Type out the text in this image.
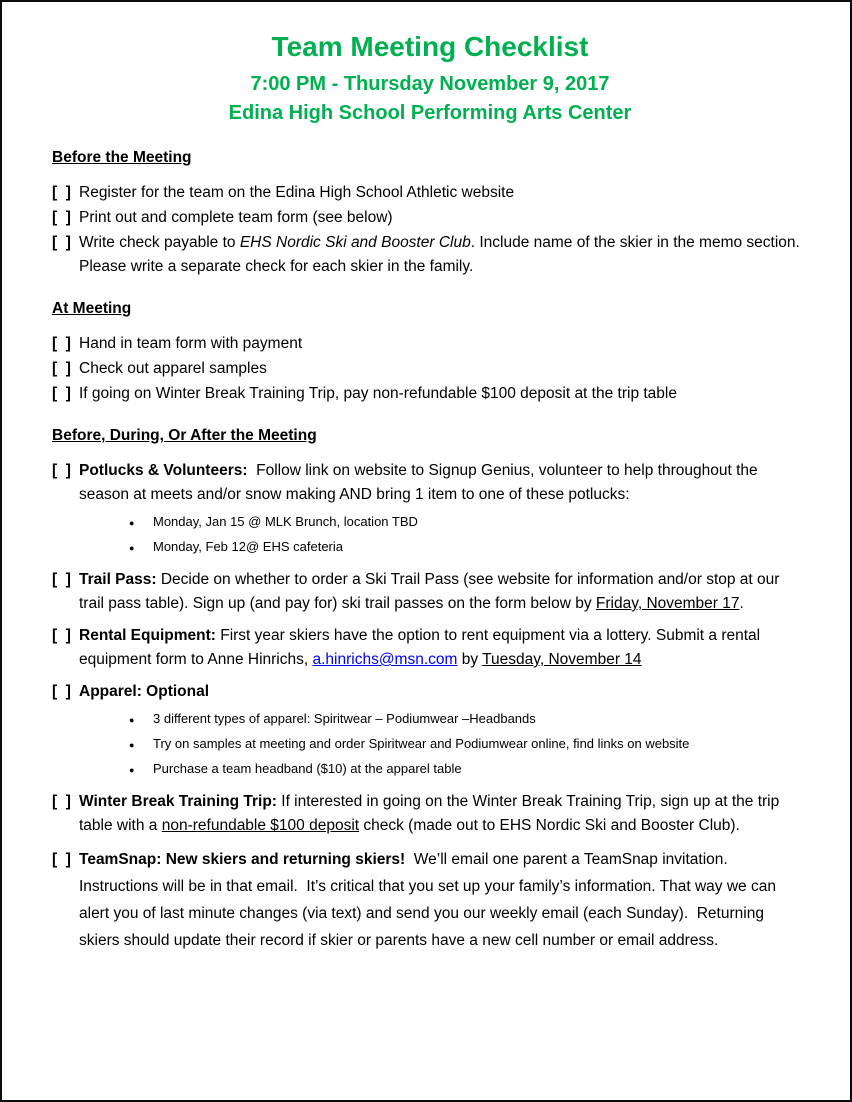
Team Meeting Checklist
7:00 PM - Thursday November 9, 2017
Edina High School Performing Arts Center
Before the Meeting
[  ] Register for the team on the Edina High School Athletic website

[  ] Print out and complete team form (see below)

[  ] Write check payable to EHS Nordic Ski and Booster Club. Include name of the skier in the memo section. Please write a separate check for each skier in the family.

At Meeting
[  ] Hand in team form with payment

[  ] Check out apparel samples

[  ] If going on Winter Break Training Trip, pay non-refundable $100 deposit at the trip table

Before, During, Or After the Meeting
[  ] Potlucks & Volunteers:  Follow link on website to Signup Genius, volunteer to help throughout the season at meets and/or snow making AND bring 1 item to one of these potlucks:

●	Monday, Jan 15 @ MLK Brunch, location TBD
●	Monday, Feb 12@ EHS cafeteria
[  ] Trail Pass: Decide on whether to order a Ski Trail Pass (see website for information and/or stop at our trail pass table). Sign up (and pay for) ski trail passes on the form below by Friday, November 17.

[  ] Rental Equipment: First year skiers have the option to rent equipment via a lottery. Submit a rental equipment form to Anne Hinrichs, a.hinrichs@msn.com by Tuesday, November 14

[  ] Apparel: Optional

●	3 different types of apparel: Spiritwear – Podiumwear –Headbands
●	Try on samples at meeting and order Spiritwear and Podiumwear online, find links on website
●	Purchase a team headband ($10) at the apparel table
[  ] Winter Break Training Trip: If interested in going on the Winter Break Training Trip, sign up at the trip table with a non-refundable $100 deposit check (made out to EHS Nordic Ski and Booster Club).

[  ] TeamSnap: New skiers and returning skiers!  We’ll email one parent a TeamSnap invitation. Instructions will be in that email.  It’s critical that you set up your family’s information. That way we can alert you of last minute changes (via text) and send you our weekly email (each Sunday).  Returning skiers should update their record if skier or parents have a new cell number or email address.
